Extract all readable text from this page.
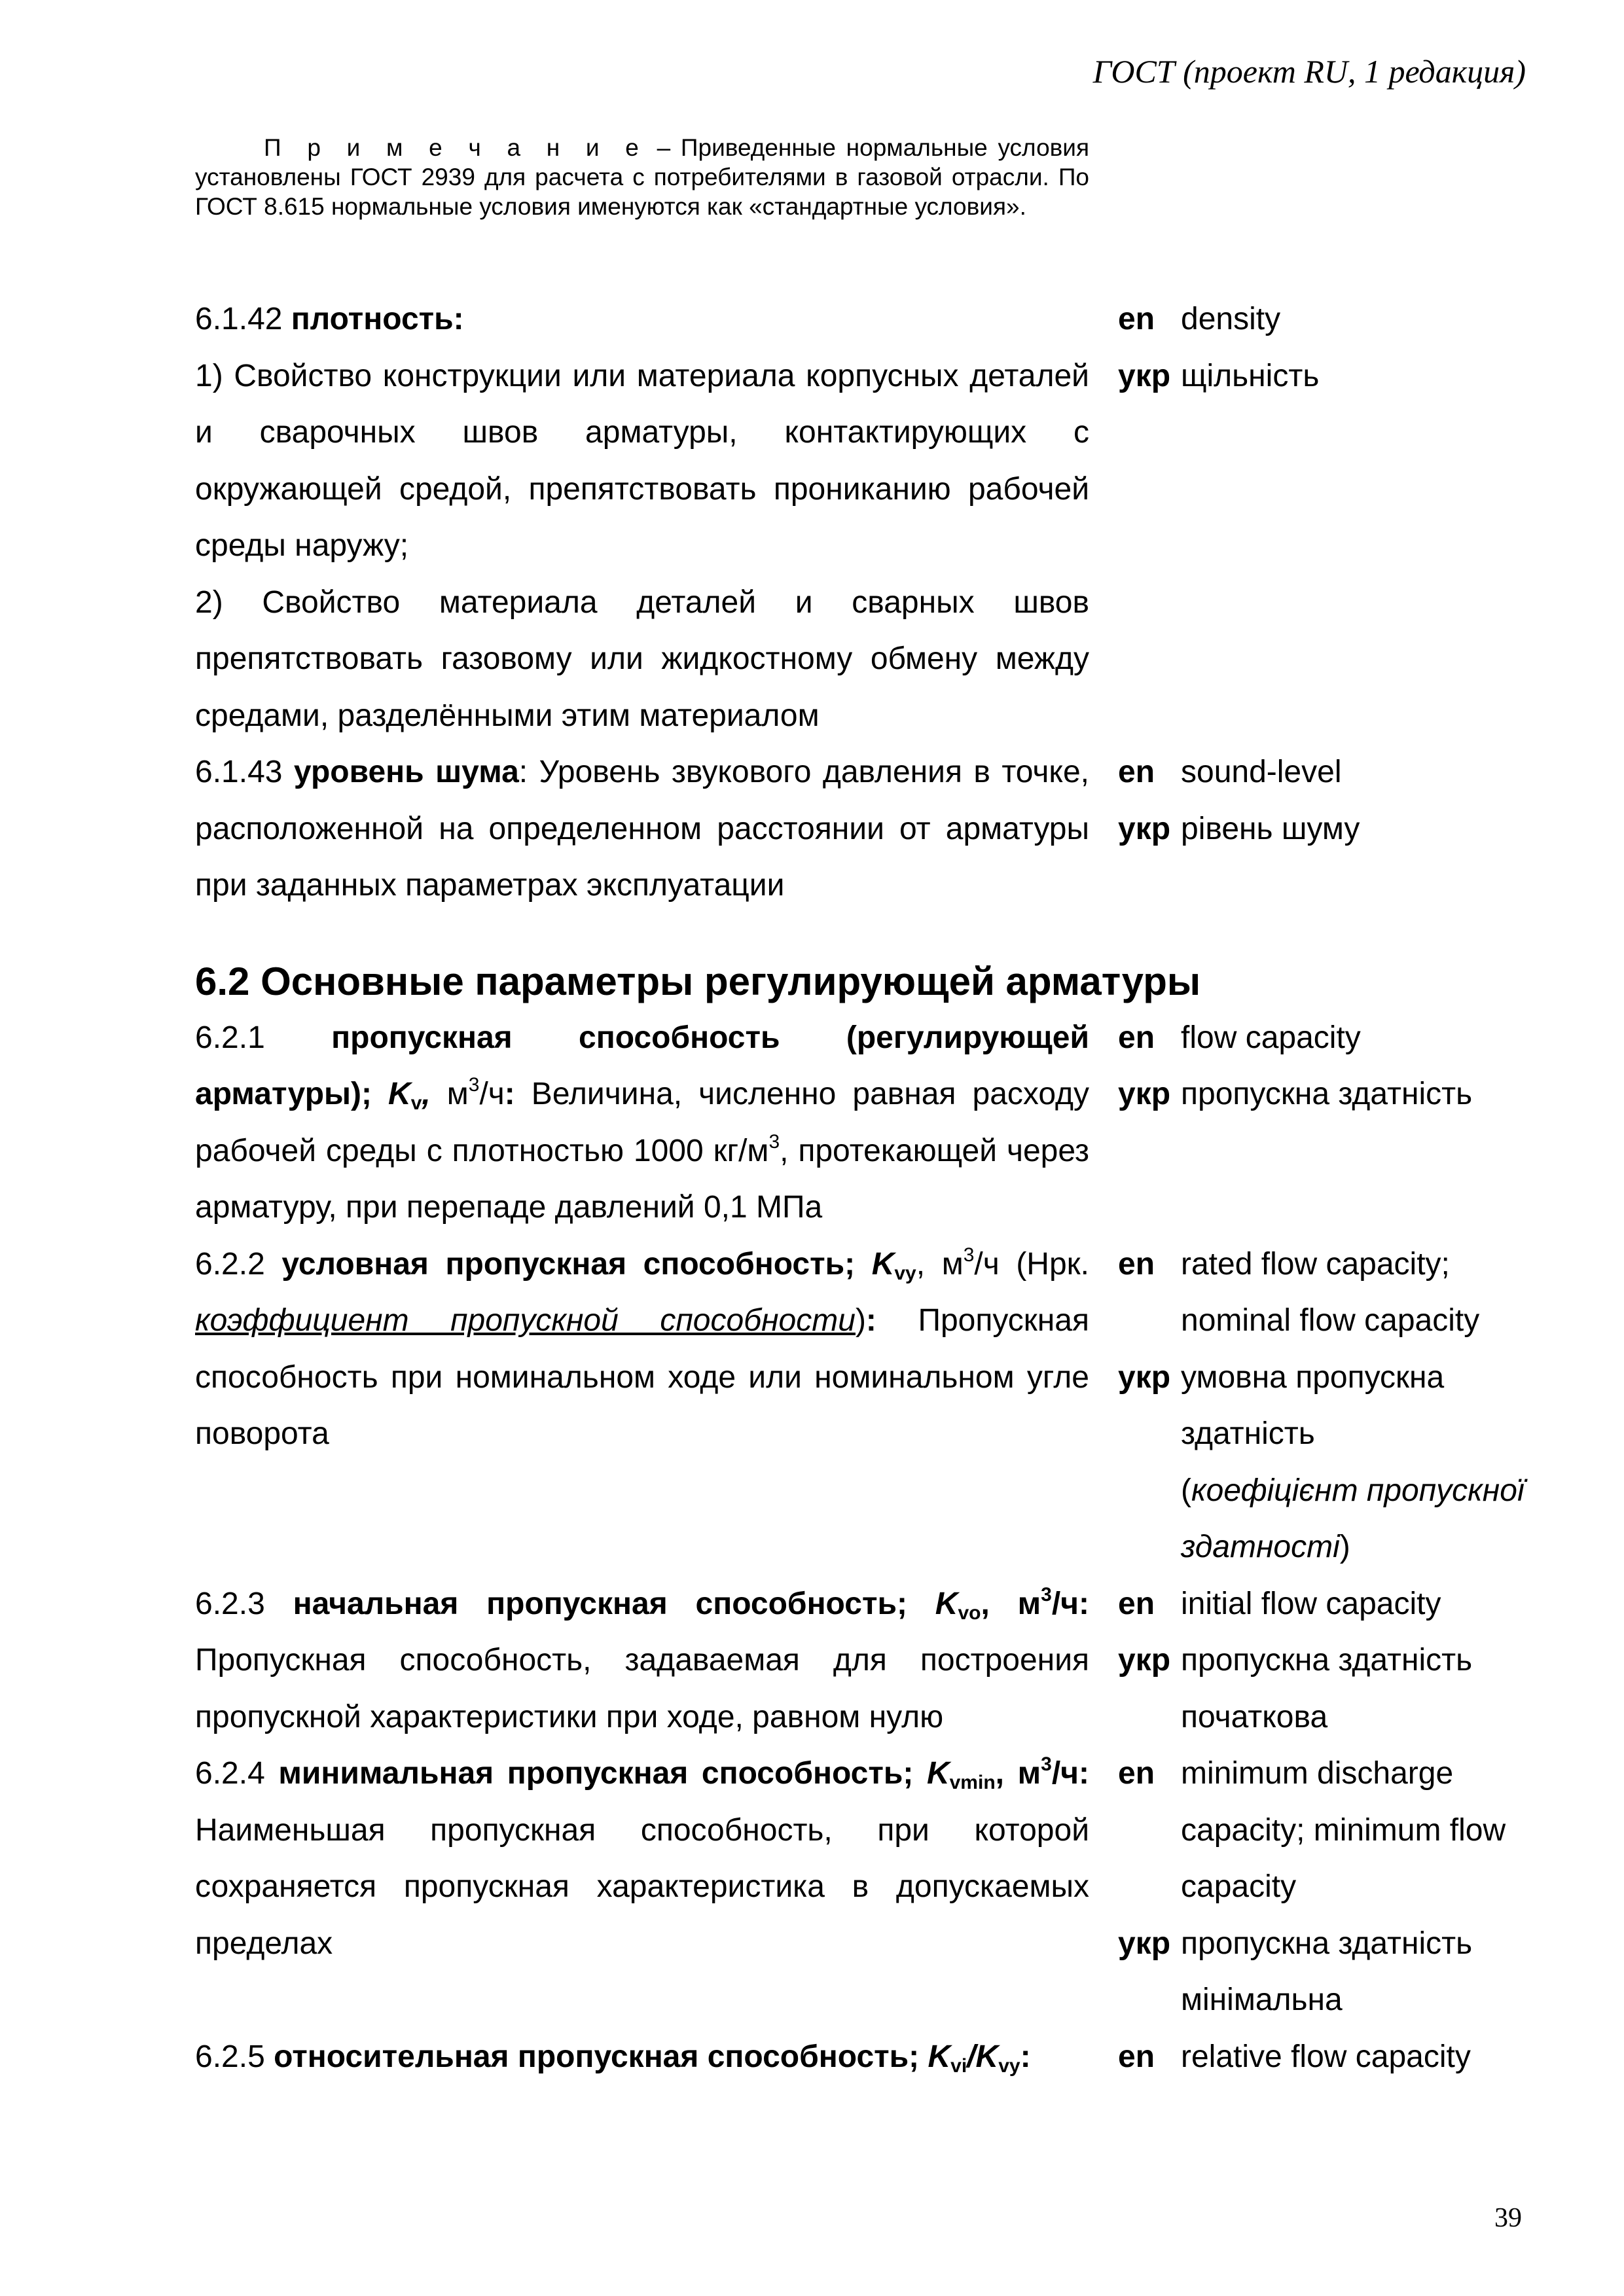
ГОСТ (проект RU, 1 редакция)

П р и м е ч а н и е – Приведенные нормальные условия установлены ГОСТ 2939 для расчета с потребителями в газовой отрасли. По ГОСТ 8.615 нормальные условия именуются как «стандартные условия».

6.1.42 плотность:	en density
1) Свойство конструкции или материала корпусных деталей и сварочных швов арматуры, контактирующих с окружающей средой, препятствовать прониканию рабочей среды наружу;
укр щільність
2) Свойство материала деталей и сварных швов препятствовать газовому или жидкостному обмену между средами, разделёнными этим материалом
6.1.43 уровень шума: Уровень звукового давления в точке, расположенной на определенном расстоянии от арматуры при заданных параметрах эксплуатации
en
укр
sound-level
рівень шуму
6.2 Основные параметры регулирующей арматуры
6.2.1 пропускная способность (регулирующей арматуры); $K_v$, $м^3/ч$: Величина, численно равная расходу рабочей среды с плотностью 1000 $кг/м^3$, протекающей через арматуру, при перепаде давлений 0,1 МПа
en
укр
flow capacity
пропускна здатність
6.2.2 условная пропускная способность; $K_{vy}$, $м^3/ч$ (Нрк. коэффициент пропускной способности): Пропускная способность при номинальном ходе или номинальном угле поворота
en
укр
rated flow capacity; nominal flow capacity
умовна пропускна здатність
(коефіцієнт пропускної здатності)
6.2.3 начальная пропускная способность; $K_{vo}$, $м^3/ч$: Пропускная способность, задаваемая для построения пропускной характеристики при ходе, равном нулю
en
укр
initial flow capacity
пропускна здатність початкова
6.2.4 минимальная пропускная способность; $K_{vmin}$, $м^3/ч$: Наименьшая пропускная способность, при которой сохраняется пропускная характеристика в допускаемых пределах
en
укр
minimum discharge capacity; minimum flow capacity
пропускна здатність мінімальна
6.2.5 относительная пропускная способность; $K_{vi}/K_{vy}$:	en relative flow capacity
39
